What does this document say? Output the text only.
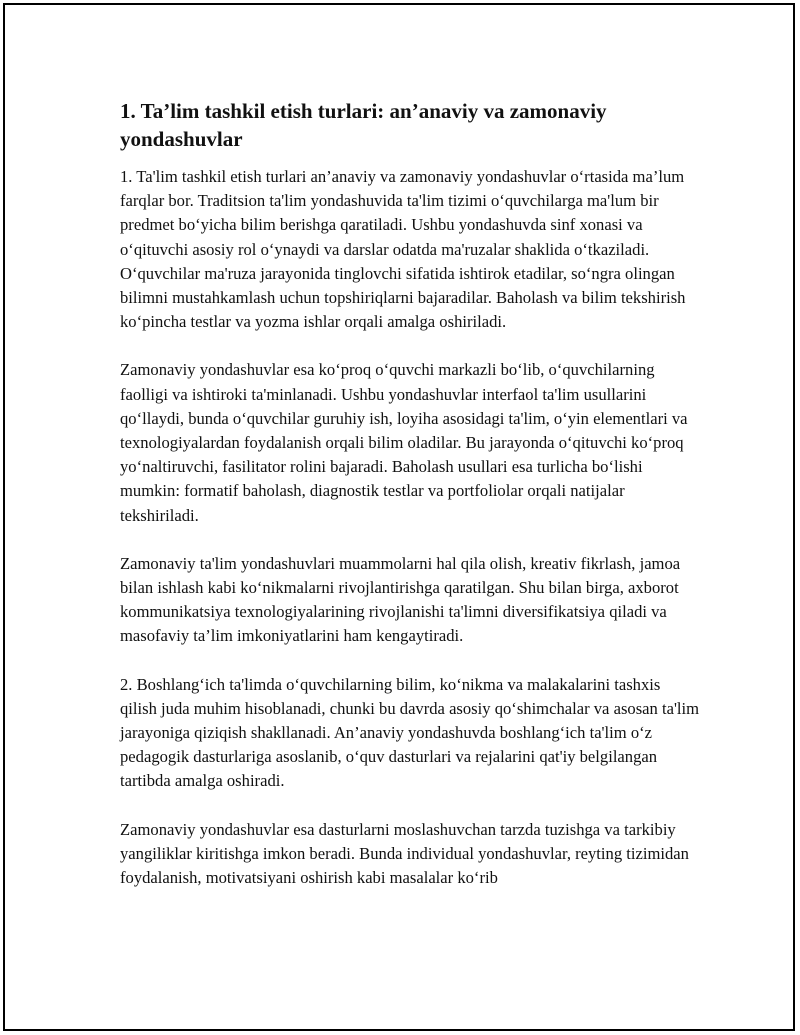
1. Ta’lim tashkil etish turlari: an’anaviy va zamonaviy yondashuvlar

1. Ta'lim tashkil etish turlari an’anaviy va zamonaviy yondashuvlar o‘rtasida ma’lum farqlar bor. Traditsion ta'lim yondashuvida ta'lim tizimi o‘quvchilarga ma'lum bir predmet bo‘yicha bilim berishga qaratiladi. Ushbu yondashuvda sinf xonasi va o‘qituvchi asosiy rol o‘ynaydi va darslar odatda ma'ruzalar shaklida o‘tkaziladi. O‘quvchilar ma'ruza jarayonida tinglovchi sifatida ishtirok etadilar, so‘ngra olingan bilimni mustahkamlash uchun topshiriqlarni bajaradilar. Baholash va bilim tekshirish ko‘pincha testlar va yozma ishlar orqali amalga oshiriladi.

Zamonaviy yondashuvlar esa ko‘proq o‘quvchi markazli bo‘lib, o‘quvchilarning faolligi va ishtiroki ta'minlanadi. Ushbu yondashuvlar interfaol ta'lim usullarini qo‘llaydi, bunda o‘quvchilar guruhiy ish, loyiha asosidagi ta'lim, o‘yin elementlari va texnologiyalardan foydalanish orqali bilim oladilar. Bu jarayonda o‘qituvchi ko‘proq yo‘naltiruvchi, fasilitator rolini bajaradi. Baholash usullari esa turlicha bo‘lishi mumkin: formatif baholash, diagnostik testlar va portfoliolar orqali natijalar tekshiriladi.

Zamonaviy ta'lim yondashuvlari muammolarni hal qila olish, kreativ fikrlash, jamoa bilan ishlash kabi ko‘nikmalarni rivojlantirishga qaratilgan. Shu bilan birga, axborot kommunikatsiya texnologiyalarining rivojlanishi ta'limni diversifikatsiya qiladi va masofaviy ta’lim imkoniyatlarini ham kengaytiradi.

2. Boshlang‘ich ta'limda o‘quvchilarning bilim, ko‘nikma va malakalarini tashxis qilish juda muhim hisoblanadi, chunki bu davrda asosiy qo‘shimchalar va asosan ta'lim jarayoniga qiziqish shakllanadi. An’anaviy yondashuvda boshlang‘ich ta'lim o‘z pedagogik dasturlariga asoslanib, o‘quv dasturlari va rejalarini qat'iy belgilangan tartibda amalga oshiradi.

Zamonaviy yondashuvlar esa dasturlarni moslashuvchan tarzda tuzishga va tarkibiy yangiliklar kiritishga imkon beradi. Bunda individual yondashuvlar, reyting tizimidan foydalanish, motivatsiyani oshirish kabi masalalar ko‘rib
